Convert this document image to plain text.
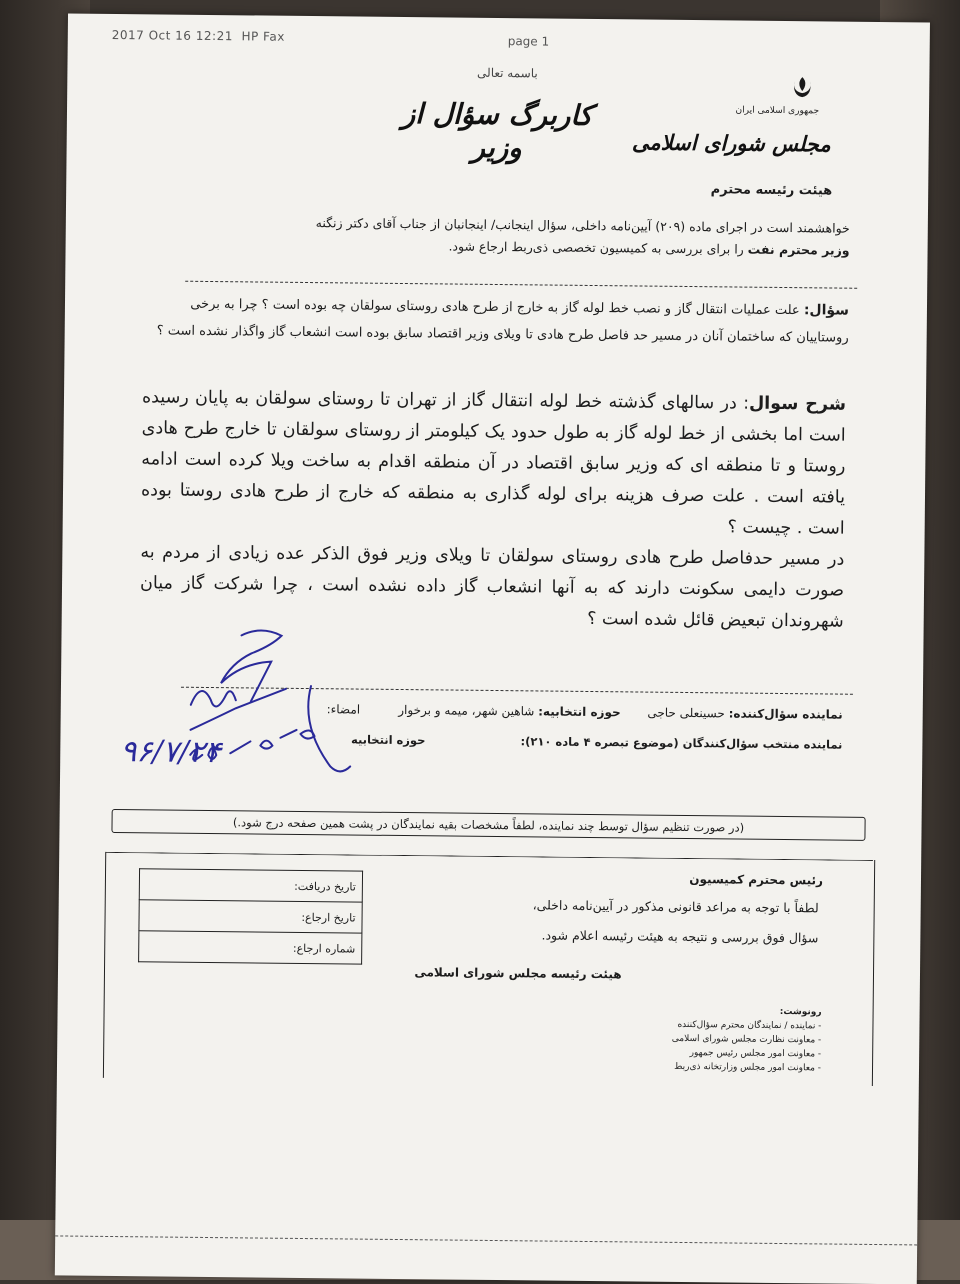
2017 Oct 16 12:21 HP Fax	page 1
باسمه تعالی
کاربرگ سؤال از وزیر
جمهوری اسلامی ایران
مجلس شورای اسلامی
هیئت رئیسه محترم
خواهشمند است در اجرای ماده (۲۰۹) آیین‌نامه داخلی، سؤال اینجانب/ اینجانبان از جناب آقای دکتر زنگنه
وزیر محترم نفت را برای بررسی به کمیسیون تخصصی ذی‌ربط ارجاع شود.
سؤال: علت عملیات انتقال گاز و نصب خط لوله گاز به خارج از طرح هادی روستای سولقان چه بوده است ؟ چرا به برخی روستاییان که ساختمان آنان در مسیر حد فاصل طرح هادی تا ویلای وزیر اقتصاد سابق بوده است انشعاب گاز واگذار نشده است ؟

شرح سوال: در سالهای گذشته خط لوله انتقال گاز از تهران تا روستای سولقان به پایان رسیده است اما بخشی از خط لوله گاز به طول حدود یک کیلومتر از روستای سولقان تا خارج طرح هادی روستا و تا منطقه ای که وزیر سابق اقتصاد در آن منطقه اقدام به ساخت ویلا کرده است ادامه یافته است . علت صرف هزینه برای لوله گذاری به منطقه که خارج از طرح هادی روستا بوده است . چیست ؟

در مسیر حدفاصل طرح هادی روستای سولقان تا ویلای وزیر فوق الذکر عده زیادی از مردم به صورت دایمی سکونت دارند که به آنها انشعاب گاز داده نشده است ، چرا شرکت گاز میان شهروندان تبعیض قائل شده است ؟

نماینده سؤال‌کننده: حسینعلی حاجی       حوزه انتخابیه: شاهین شهر، میمه و برخوار          امضاء:
نماینده منتخب سؤال‌کنندگان (موضوع تبصره ۴ ماده ۲۱۰):                          حوزه انتخابیه
۹۶/۷/۲۴
(در صورت تنظیم سؤال توسط چند نماینده، لطفاً مشخصات بقیه نمایندگان در پشت همین صفحه درج شود.)
تاریخ دریافت:
تاریخ ارجاع:
شماره ارجاع:
رئیس محترم کمیسیون
لطفاً با توجه به مراعد قانونی مذکور در آیین‌نامه داخلی،
سؤال فوق بررسی و نتیجه به هیئت رئیسه اعلام شود.
هیئت رئیسه مجلس شورای اسلامی
رونوشت:
- نماینده / نمایندگان محترم سؤال‌کننده
- معاونت نظارت مجلس شورای اسلامی
- معاونت امور مجلس رئیس جمهور
- معاونت امور مجلس وزارتخانه ذی‌ربط
